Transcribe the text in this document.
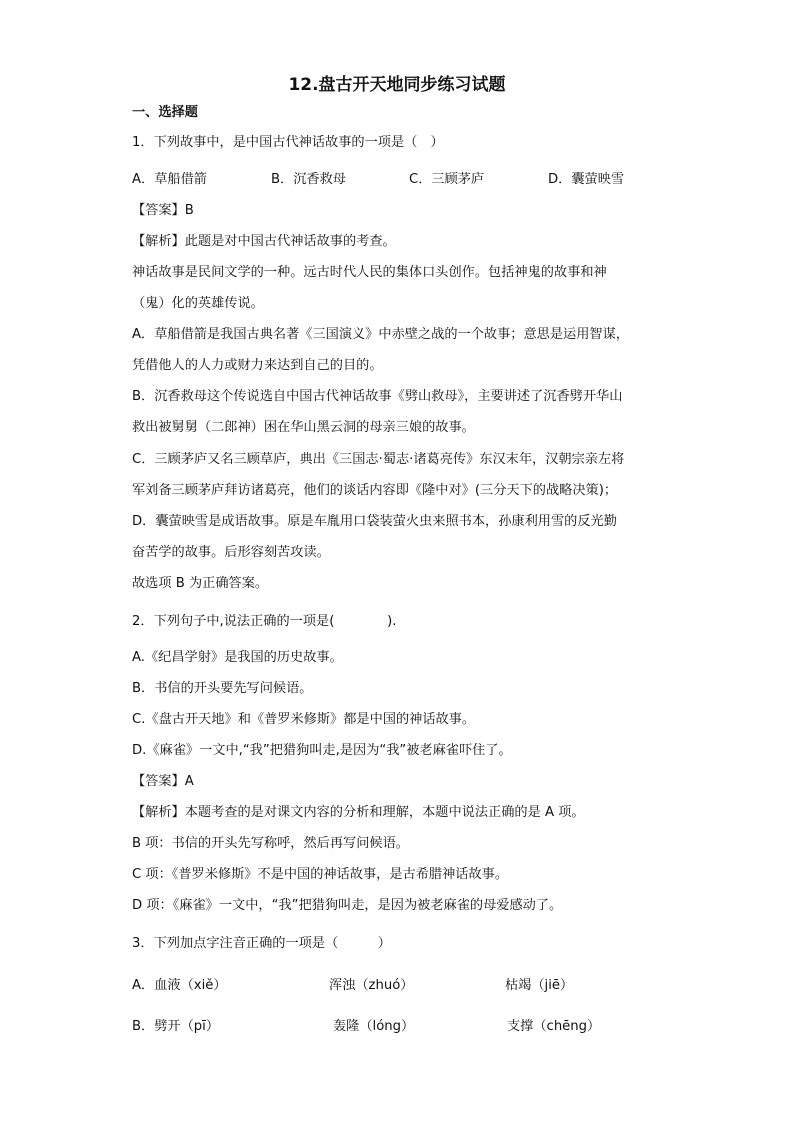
12.盘古开天地同步练习试题
一、选择题
1．下列故事中，是中国古代神话故事的一项是（　）
A．草船借箭	B．沉香救母	C．三顾茅庐	D．囊萤映雪
【答案】B
【解析】此题是对中国古代神话故事的考查。
神话故事是民间文学的一种。远古时代人民的集体口头创作。包括神鬼的故事和神
（鬼）化的英雄传说。
A．草船借箭是我国古典名著《三国演义》中赤壁之战的一个故事；意思是运用智谋，
凭借他人的人力或财力来达到自己的目的。
B．沉香救母这个传说选自中国古代神话故事《劈山救母》，主要讲述了沉香劈开华山
救出被舅舅（二郎神）困在华山黑云洞的母亲三娘的故事。
C．三顾茅庐又名三顾草庐，典出《三国志·蜀志·诸葛亮传》东汉末年，汉朝宗亲左将
军刘备三顾茅庐拜访诸葛亮，他们的谈话内容即《隆中对》(三分天下的战略决策)；
D．囊萤映雪是成语故事。原是车胤用口袋装萤火虫来照书本，孙康利用雪的反光勤
奋苦学的故事。后形容刻苦攻读。
故选项 B 为正确答案。
2．下列句子中,说法正确的一项是(　　　　).
A.《纪昌学射》是我国的历史故事。
B．书信的开头要先写问候语。
C.《盘古开天地》和《普罗米修斯》都是中国的神话故事。
D.《麻雀》一文中,“我”把猎狗叫走,是因为“我”被老麻雀吓住了。
【答案】A
【解析】本题考查的是对课文内容的分析和理解，本题中说法正确的是 A 项。
B 项：书信的开头先写称呼，然后再写问候语。
C 项：《普罗米修斯》不是中国的神话故事，是古希腊神话故事。
D 项：《麻雀》一文中，“我”把猎狗叫走，是因为被老麻雀的母爱感动了。
3．下列加点字注音正确的一项是（　　　）
A．血液（xiě）	浑浊（zhuó）	枯竭（jiē）
B．劈开（pī）	轰隆（lóng）	支撑（chēng）
